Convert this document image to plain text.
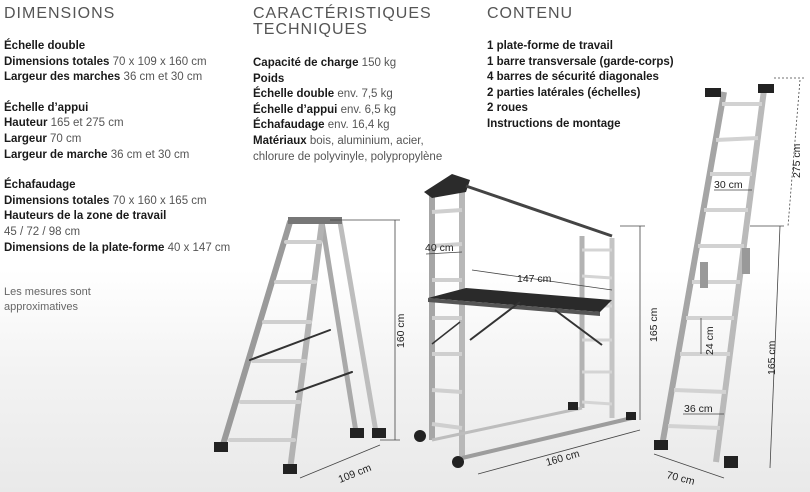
DIMENSIONS
Échelle double
Dimensions totales 70 x 109 x 160 cm
Largeur des marches 36 cm et 30 cm
Échelle d’appui
Hauteur 165 et 275 cm
Largeur 70 cm
Largeur de marche 36 cm et 30 cm
Échafaudage
Dimensions totales 70 x 160 x 165 cm
Hauteurs de la zone de travail
45 / 72 / 98 cm
Dimensions de la plate-forme 40 x 147 cm
Les mesures sont
approximatives
CARACTÉRISTIQUES
TECHNIQUES
Capacité de charge 150 kg
Poids
Échelle double env. 7,5 kg
Échelle d’appui env. 6,5 kg
Échafaudage env. 16,4 kg
Matériaux bois, aluminium, acier,
chlorure de polyvinyle, polypropylène
CONTENU
1 plate-forme de travail
1 barre transversale (garde-corps)
4 barres de sécurité diagonales
2 parties latérales (échelles)
2 roues
Instructions de montage
160 cm
109 cm
40 cm
147 cm
165 cm
160 cm
275 cm
30 cm
165 cm
24 cm
36 cm
70 cm
